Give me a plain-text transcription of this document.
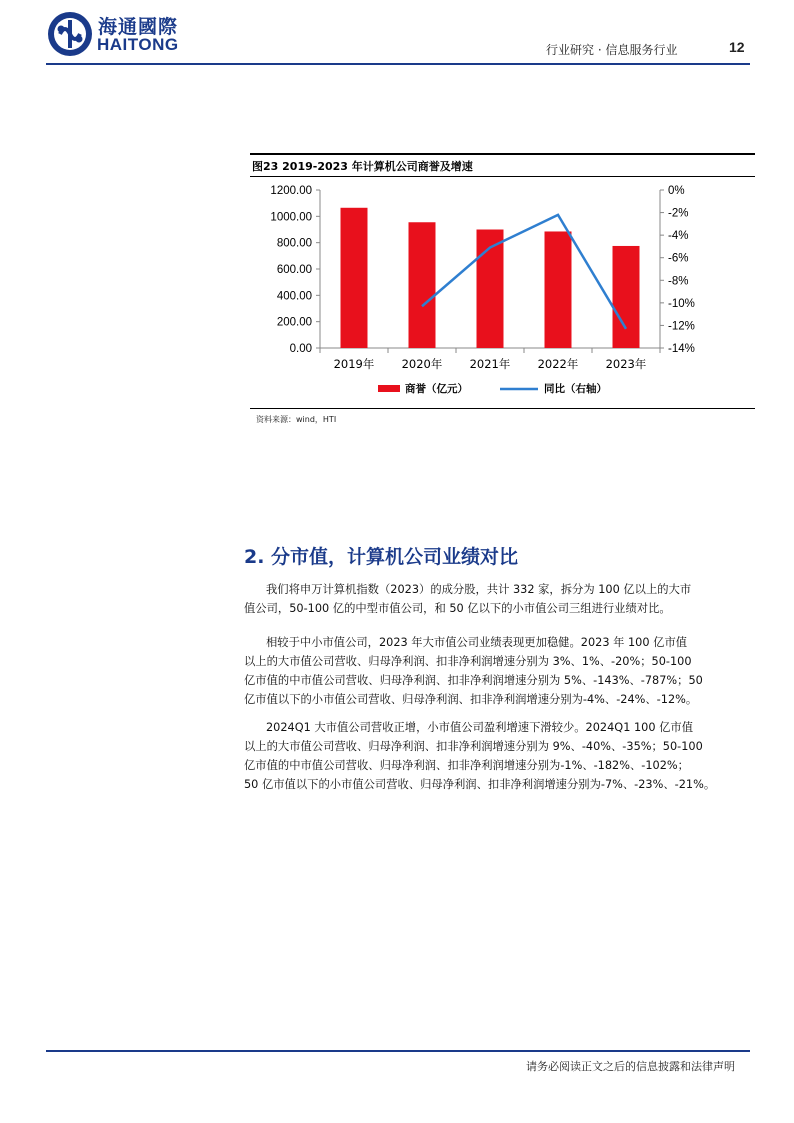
海通國際
HAITONG	行业研究 · 信息服务行业	12
图23 2019-2023 年计算机公司商誉及增速
1200.00
1000.00
800.00
600.00
400.00
200.00
0.00
0%
-2%
-4%
-6%
-8%
-10%
-12%
-14%
2019年 2020年 2021年 2022年 2023年
商誉（亿元）	同比（右轴）
资料来源：wind，HTI
2. 分市值，计算机公司业绩对比
我们将申万计算机指数（2023）的成分股，共计 332 家，拆分为 100 亿以上的大市
值公司，50-100 亿的中型市值公司，和 50 亿以下的小市值公司三组进行业绩对比。
相较于中小市值公司，2023 年大市值公司业绩表现更加稳健。2023 年 100 亿市值
以上的大市值公司营收、归母净利润、扣非净利润增速分别为 3%、1%、-20%；50-100
亿市值的中市值公司营收、归母净利润、扣非净利润增速分别为 5%、-143%、-787%；50
亿市值以下的小市值公司营收、归母净利润、扣非净利润增速分别为-4%、-24%、-12%。
2024Q1 大市值公司营收正增，小市值公司盈利增速下滑较少。2024Q1 100 亿市值
以上的大市值公司营收、归母净利润、扣非净利润增速分别为 9%、-40%、-35%；50-100
亿市值的中市值公司营收、归母净利润、扣非净利润增速分别为-1%、-182%、-102%；
50 亿市值以下的小市值公司营收、归母净利润、扣非净利润增速分别为-7%、-23%、-21%。
请务必阅读正文之后的信息披露和法律声明
